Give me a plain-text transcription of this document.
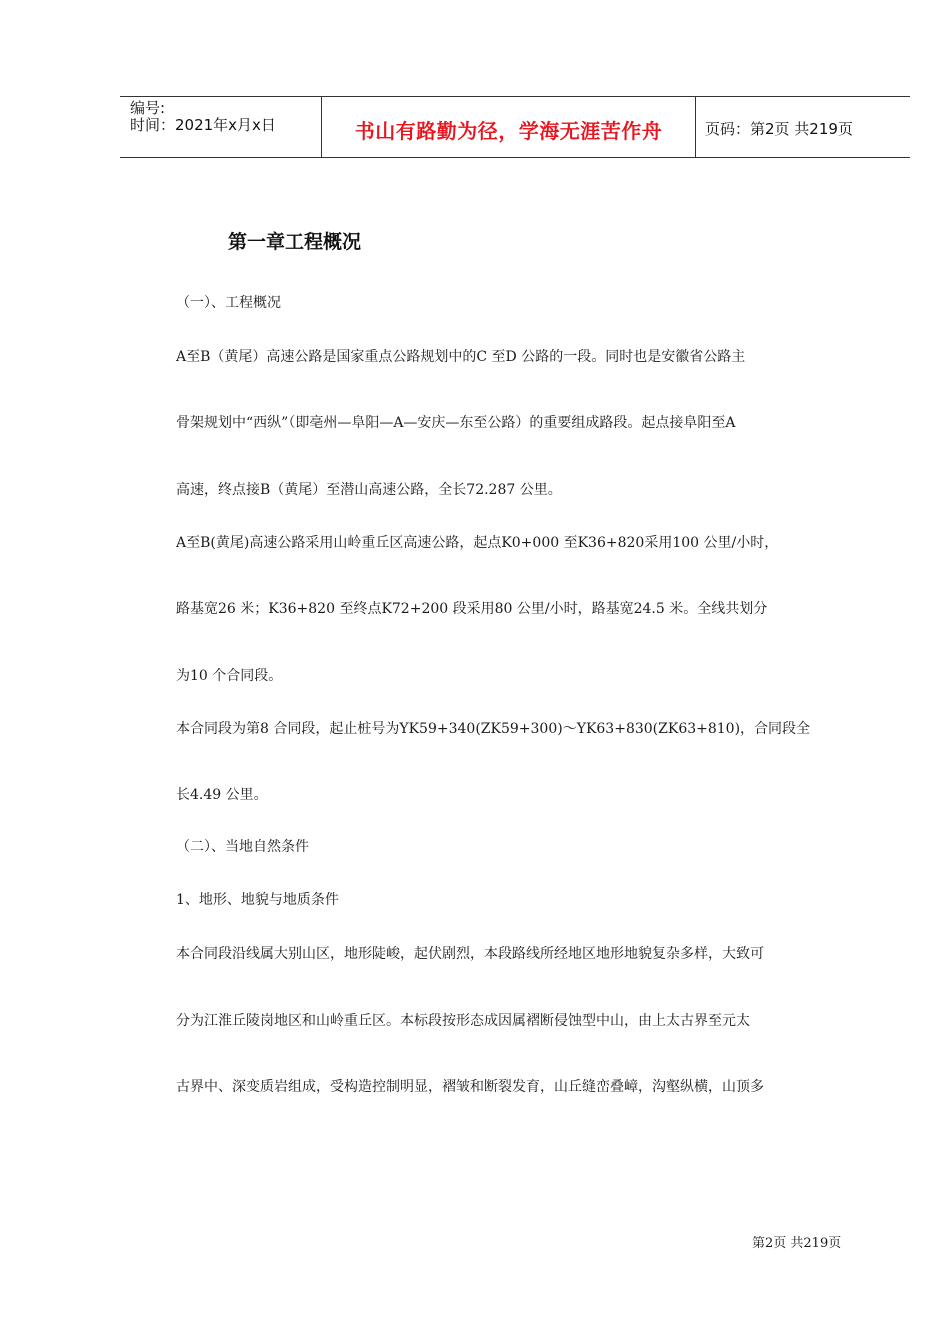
编号:
时间：2021年x月x日	书山有路勤为径，学海无涯苦作舟	页码：第2页 共219页
第一章工程概况
（一）、工程概况
A至B（黄尾）高速公路是国家重点公路规划中的C 至D 公路的一段。同时也是安徽省公路主
骨架规划中“西纵”（即亳州—阜阳—A—安庆—东至公路）的重要组成路段。起点接阜阳至A
高速，终点接B（黄尾）至潜山高速公路，全长72.287 公里。
A至B(黄尾)高速公路采用山岭重丘区高速公路，起点K0+000 至K36+820采用100 公里/小时，
路基宽26 米；K36+820 至终点K72+200 段采用80 公里/小时，路基宽24.5 米。全线共划分
为10 个合同段。
本合同段为第8 合同段，起止桩号为YK59+340(ZK59+300)～YK63+830(ZK63+810)，合同段全
长4.49 公里。
（二）、当地自然条件
1、地形、地貌与地质条件
本合同段沿线属大别山区，地形陡峻，起伏剧烈，本段路线所经地区地形地貌复杂多样，大致可
分为江淮丘陵岗地区和山岭重丘区。本标段按形态成因属褶断侵蚀型中山，由上太古界至元太
古界中、深变质岩组成，受构造控制明显，褶皱和断裂发育，山丘缝峦叠嶂，沟壑纵横，山顶多
第2页 共219页
